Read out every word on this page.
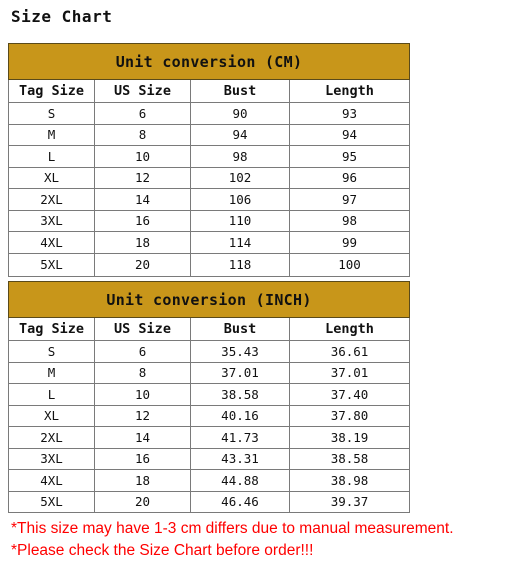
Size Chart
Unit conversion (CM)			
Tag Size	US Size	Bust	Length
S	6	90	93
M	8	94	94
L	10	98	95
XL	12	102	96
2XL	14	106	97
3XL	16	110	98
4XL	18	114	99
5XL	20	118	100
Unit conversion (INCH)			
Tag Size	US Size	Bust	Length
S	6	35.43	36.61
M	8	37.01	37.01
L	10	38.58	37.40
XL	12	40.16	37.80
2XL	14	41.73	38.19
3XL	16	43.31	38.58
4XL	18	44.88	38.98
5XL	20	46.46	39.37
*This size may have 1-3 cm differs due to manual measurement.
*Please check the Size Chart before order!!!
